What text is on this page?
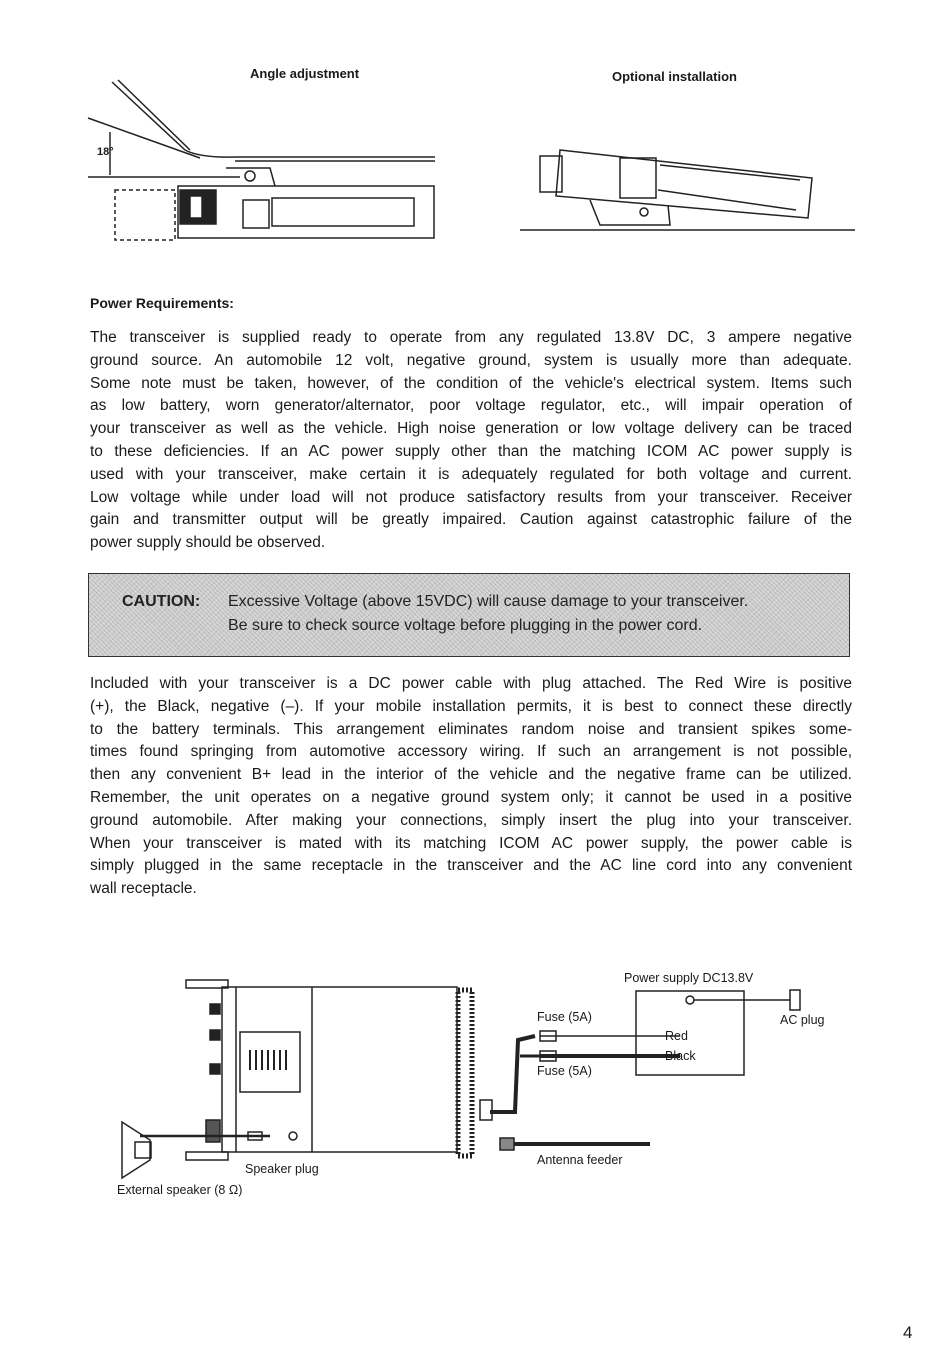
Angle adjustment	Optional installation
18°
Power Requirements:
The transceiver is supplied ready to operate from any regulated 13.8V DC, 3 ampere negative
ground source. An automobile 12 volt, negative ground, system is usually more than adequate.
Some note must be taken, however, of the condition of the vehicle's electrical system. Items such
as low battery, worn generator/alternator, poor voltage regulator, etc., will impair operation of
your transceiver as well as the vehicle. High noise generation or low voltage delivery can be traced
to these deficiencies. If an AC power supply other than the matching ICOM AC power supply is
used with your transceiver, make certain it is adequately regulated for both voltage and current.
Low voltage while under load will not produce satisfactory results from your transceiver. Receiver
gain and transmitter output will be greatly impaired. Caution against catastrophic failure of the
power supply should be observed.
CAUTION: Excessive Voltage (above 15VDC) will cause damage to your transceiver.
Be sure to check source voltage before plugging in the power cord.
Included with your transceiver is a DC power cable with plug attached. The Red Wire is positive
(+), the Black, negative (–). If your mobile installation permits, it is best to connect these directly
to the battery terminals. This arrangement eliminates random noise and transient spikes some-
times found springing from automotive accessory wiring. If such an arrangement is not possible,
then any convenient B+ lead in the interior of the vehicle and the negative frame can be utilized.
Remember, the unit operates on a negative ground system only; it cannot be used in a positive
ground automobile. After making your connections, simply insert the plug into your transceiver.
When your transceiver is mated with its matching ICOM AC power supply, the power cable is
simply plugged in the same receptacle in the transceiver and the AC line cord into any convenient
wall receptacle.
Power supply DC13.8V
AC plug
Fuse (5A)
Red
Black
Fuse (5A)
Antenna feeder
Speaker plug
External speaker (8 Ω)
4
